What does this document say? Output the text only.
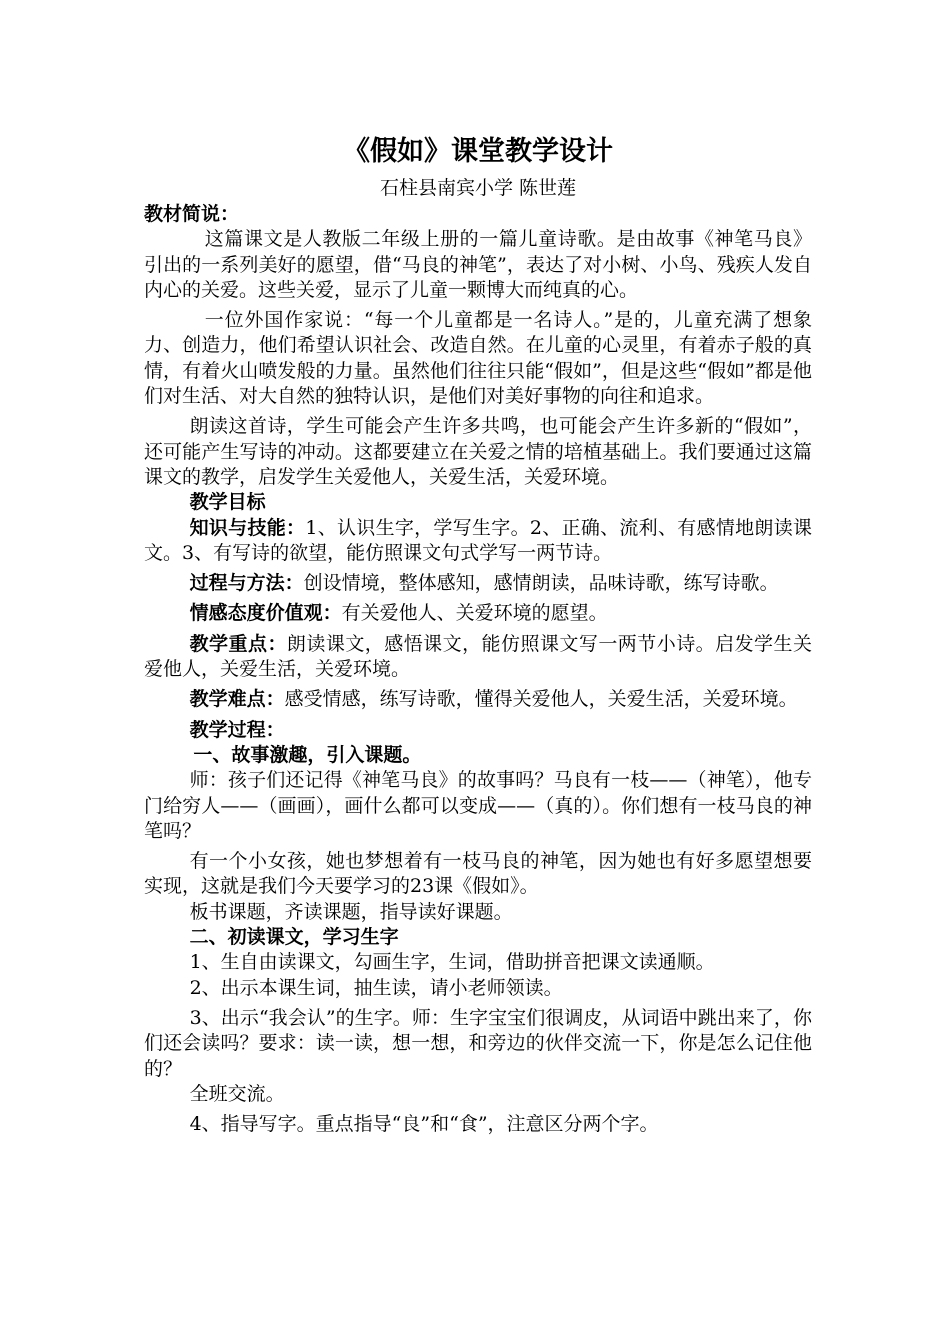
《假如》课堂教学设计

石柱县南宾小学 陈世莲

教材简说：

这篇课文是人教版二年级上册的一篇儿童诗歌。是由故事《神笔马良》引出的一系列美好的愿望，借“马良的神笔”，表达了对小树、小鸟、残疾人发自内心的关爱。这些关爱，显示了儿童一颗博大而纯真的心。

一位外国作家说：“每一个儿童都是一名诗人。”是的，儿童充满了想象力、创造力，他们希望认识社会、改造自然。在儿童的心灵里，有着赤子般的真情，有着火山喷发般的力量。虽然他们往往只能“假如”，但是这些“假如”都是他们对生活、对大自然的独特认识，是他们对美好事物的向往和追求。

朗读这首诗，学生可能会产生许多共鸣，也可能会产生许多新的“假如”，还可能产生写诗的冲动。这都要建立在关爱之情的培植基础上。我们要通过这篇课文的教学，启发学生关爱他人，关爱生活，关爱环境。

教学目标

知识与技能：1、认识生字，学写生字。2、正确、流利、有感情地朗读课文。3、有写诗的欲望，能仿照课文句式学写一两节诗。

过程与方法：创设情境，整体感知，感情朗读，品味诗歌，练写诗歌。

情感态度价值观：有关爱他人、关爱环境的愿望。

教学重点：朗读课文，感悟课文，能仿照课文写一两节小诗。启发学生关爱他人，关爱生活，关爱环境。

教学难点：感受情感，练写诗歌，懂得关爱他人，关爱生活，关爱环境。

教学过程：

一、故事激趣，引入课题。

师：孩子们还记得《神笔马良》的故事吗？马良有一枝——（神笔），他专门给穷人——（画画），画什么都可以变成——（真的）。你们想有一枝马良的神笔吗？

有一个小女孩，她也梦想着有一枝马良的神笔，因为她也有好多愿望想要实现，这就是我们今天要学习的23课《假如》。

板书课题，齐读课题，指导读好课题。

二、初读课文，学习生字

1、生自由读课文，勾画生字，生词，借助拼音把课文读通顺。

2、出示本课生词，抽生读，请小老师领读。

3、出示“我会认”的生字。师：生字宝宝们很调皮，从词语中跳出来了，你们还会读吗？要求：读一读，想一想，和旁边的伙伴交流一下，你是怎么记住他的？

全班交流。

4、指导写字。重点指导“良”和“食”，注意区分两个字。
